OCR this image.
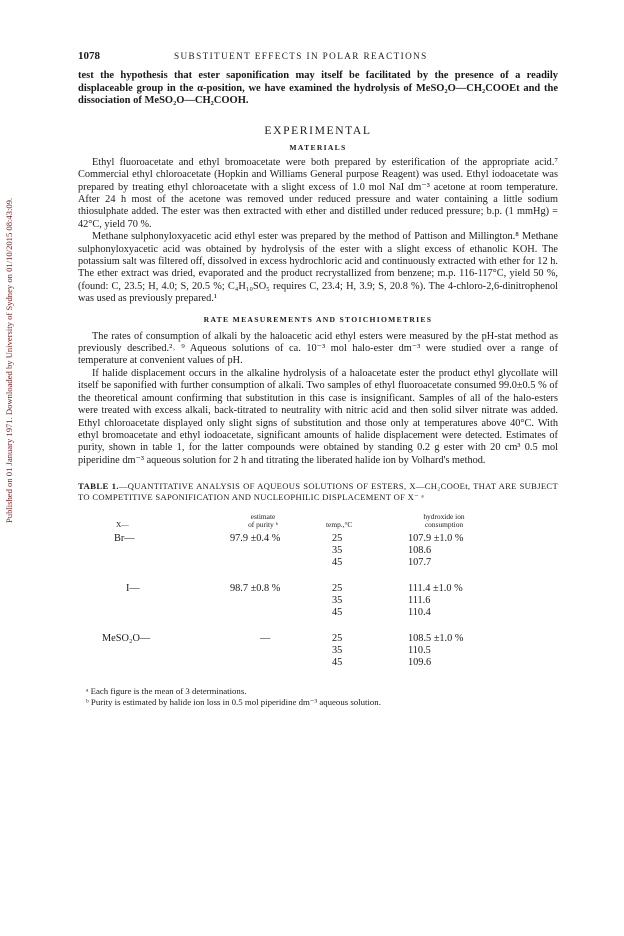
Published on 01 January 1971. Downloaded by University of Sydney on 01/10/2015 08:43:09.
1078	SUBSTITUENT EFFECTS IN POLAR REACTIONS

test the hypothesis that ester saponification may itself be facilitated by the presence of a readily displaceable group in the α-position, we have examined the hydrolysis of MeSO₂O—CH₂COOEt and the dissociation of MeSO₂O—CH₂COOH.

EXPERIMENTAL
MATERIALS

Ethyl fluoroacetate and ethyl bromoacetate were both prepared by esterification of the appropriate acid.⁷ Commercial ethyl chloroacetate (Hopkin and Williams General purpose Reagent) was used. Ethyl iodoacetate was prepared by treating ethyl chloroacetate with a slight excess of 1.0 mol NaI dm⁻³ acetone at room temperature. After 24 h most of the acetone was removed under reduced pressure and water containing a little sodium thiosulphate added. The ester was then extracted with ether and distilled under reduced pressure; b.p. (1 mmHg) = 42°C, yield 70 %.

Methane sulphonyloxyacetic acid ethyl ester was prepared by the method of Pattison and Millington.⁸ Methane sulphonyloxyacetic acid was obtained by hydrolysis of the ester with a slight excess of ethanolic KOH. The potassium salt was filtered off, dissolved in excess hydrochloric acid and continuously extracted with ether for 12 h. The ether extract was dried, evaporated and the product recrystallized from benzene; m.p. 116-117°C, yield 50 %, (found: C, 23.5; H, 4.0; S, 20.5 %; C₄H₁₀SO₅ requires C, 23.4; H, 3.9; S, 20.8 %). The 4-chloro-2,6-dinitrophenol was used as previously prepared.¹

RATE MEASUREMENTS AND STOICHIOMETRIES

The rates of consumption of alkali by the haloacetic acid ethyl esters were measured by the pH-stat method as previously described.²˒ ⁹ Aqueous solutions of ca. 10⁻³ mol halo-ester dm⁻³ were studied over a range of temperature at convenient values of pH.

If halide displacement occurs in the alkaline hydrolysis of a haloacetate ester the product ethyl glycollate will itself be saponified with further consumption of alkali. Two samples of ethyl fluoroacetate consumed 99.0±0.5 % of the theoretical amount confirming that substitution in this case is insignificant. Samples of all of the halo-esters were treated with excess alkali, back-titrated to neutrality with nitric acid and then solid silver nitrate was added. Ethyl chloroacetate displayed only slight signs of substitution and those only at temperatures above 40°C. With ethyl bromoacetate and ethyl iodoacetate, significant amounts of halide displacement were detected. Estimates of purity, shown in table 1, for the latter compounds were obtained by standing 0.2 g ester with 20 cm³ 0.5 mol piperidine dm⁻³ aqueous solution for 2 h and titrating the liberated halide ion by Volhard's method.

TABLE 1.—QUANTITATIVE ANALYSIS OF AQUEOUS SOLUTIONS OF ESTERS, X—CH₂COOEt, THAT ARE SUBJECT TO COMPETITIVE SAPONIFICATION AND NUCLEOPHILIC DISPLACEMENT OF X⁻ ᵃ
X—
estimate
of purity ᵇ	temp.,°C
hydroxide ion
consumption
Br—	97.9 ±0.4 %	25	107.9 ±1.0 %
35	108.6
45	107.7
I—	98.7 ±0.8 %	25	111.4 ±1.0 %
35	111.6
45	110.4
MeSO₂O—	—	25	108.5 ±1.0 %
35	110.5
45	109.6
ᵃ Each figure is the mean of 3 determinations.
ᵇ Purity is estimated by halide ion loss in 0.5 mol piperidine dm⁻³ aqueous solution.
